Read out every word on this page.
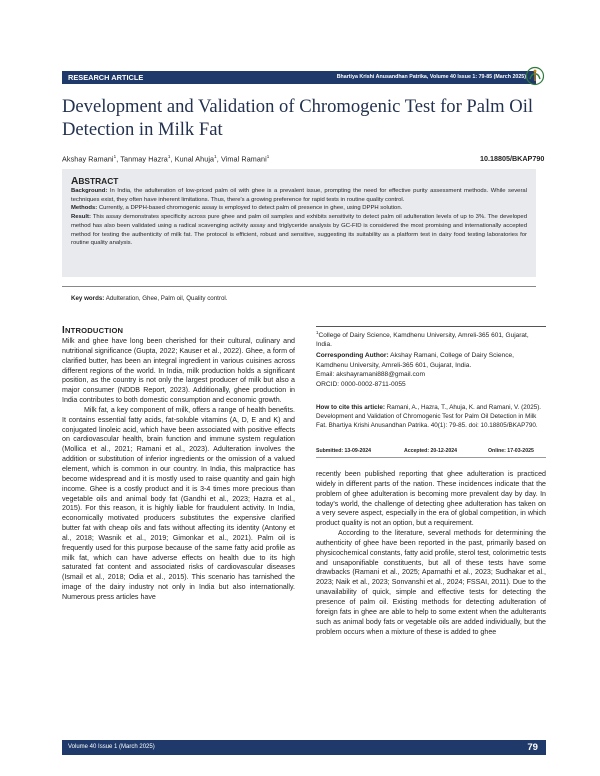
RESEARCH ARTICLE	Bhartiya Krishi Anusandhan Patrika, Volume 40 Issue 1: 79-85 (March 2025)
Development and Validation of Chromogenic Test for Palm Oil Detection in Milk Fat
Akshay Ramani$^1$, Tanmay Hazra$^1$, Kunal Ahuja$^1$, Vimal Ramani$^1$	10.18805/BKAP790
ABSTRACT

Background: In India, the adulteration of low-priced palm oil with ghee is a prevalent issue, prompting the need for effective purity assessment methods. While several techniques exist, they often have inherent limitations. Thus, there's a growing preference for rapid tests in routine quality control.

Methods: Currently, a DPPH-based chromogenic assay is employed to detect palm oil presence in ghee, using DPPH solution.

Result: This assay demonstrates specificity across pure ghee and palm oil samples and exhibits sensitivity to detect palm oil adulteration levels of up to 3%. The developed method has also been validated using a radical scavenging activity assay and triglyceride analysis by GC-FID is considered the most promising and internationally accepted method for testing the authenticity of milk fat. The protocol is efficient, robust and sensitive, suggesting its suitability as a platform test in dairy food testing laboratories for routine quality analysis.

Key words: Adulteration, Ghee, Palm oil, Quality control.
INTRODUCTION

Milk and ghee have long been cherished for their cultural, culinary and nutritional significance (Gupta, 2022; Kauser et al., 2022). Ghee, a form of clarified butter, has been an integral ingredient in various cuisines across different regions of the world. In India, milk production holds a significant position, as the country is not only the largest producer of milk but also a major consumer (NDDB Report, 2023). Additionally, ghee production in India contributes to both domestic consumption and economic growth.

Milk fat, a key component of milk, offers a range of health benefits. It contains essential fatty acids, fat-soluble vitamins (A, D, E and K) and conjugated linoleic acid, which have been associated with positive effects on cardiovascular health, brain function and immune system regulation (Mollica et al., 2021; Ramani et al., 2023). Adulteration involves the addition or substitution of inferior ingredients or the omission of a valued element, which is common in our country. In India, this malpractice has become widespread and it is mostly used to raise quantity and gain high income. Ghee is a costly product and it is 3-4 times more precious than vegetable oils and animal body fat (Gandhi et al., 2023; Hazra et al., 2015). For this reason, it is highly liable for fraudulent activity. In India, economically motivated producers substitutes the expensive clarified butter fat with cheap oils and fats without affecting its identity (Antony et al., 2018; Wasnik et al., 2019; Gimonkar et al., 2021). Palm oil is frequently used for this purpose because of the same fatty acid profile as milk fat, which can have adverse effects on health due to its high saturated fat content and associated risks of cardiovascular diseases (Ismail et al., 2018; Odia et al., 2015). This scenario has tarnished the image of the dairy industry not only in India but also internationally. Numerous press articles have

$^1$College of Dairy Science, Kamdhenu University, Amreli-365 601, Gujarat, India.
Corresponding Author: Akshay Ramani, College of Dairy Science, Kamdhenu University, Amreli-365 601, Gujarat, India.
Email: akshayramani888@gmail.com
ORCID: 0000-0002-8711-0055
How to cite this article: Ramani, A., Hazra, T., Ahuja, K. and Ramani, V. (2025). Development and Validation of Chromogenic Test for Palm Oil Detection in Milk Fat. Bhartiya Krishi Anusandhan Patrika. 40(1): 79-85. doi: 10.18805/BKAP790.
Submitted: 13-09-2024	Accepted: 20-12-2024	Online: 17-03-2025

recently been published reporting that ghee adulteration is practiced widely in different parts of the nation. These incidences indicate that the problem of ghee adulteration is becoming more prevalent day by day. In today's world, the challenge of detecting ghee adulteration has taken on a very severe aspect, especially in the era of global competition, in which product quality is not an option, but a requirement.

According to the literature, several methods for determining the authenticity of ghee have been reported in the past, primarily based on physicochemical constants, fatty acid profile, sterol test, colorimetric tests and unsaponifiable constituents, but all of these tests have some drawbacks (Ramani et al., 2025; Aparnathi et al., 2023; Sudhakar et al., 2023; Naik et al., 2023; Sonvanshi et al., 2024; FSSAI, 2011). Due to the unavailability of quick, simple and effective tests for detecting the presence of palm oil. Existing methods for detecting adulteration of foreign fats in ghee are able to help to some extent when the adulterants such as animal body fats or vegetable oils are added individually, but the problem occurs when a mixture of these is added to ghee

Volume 40 Issue 1 (March 2025)	79
